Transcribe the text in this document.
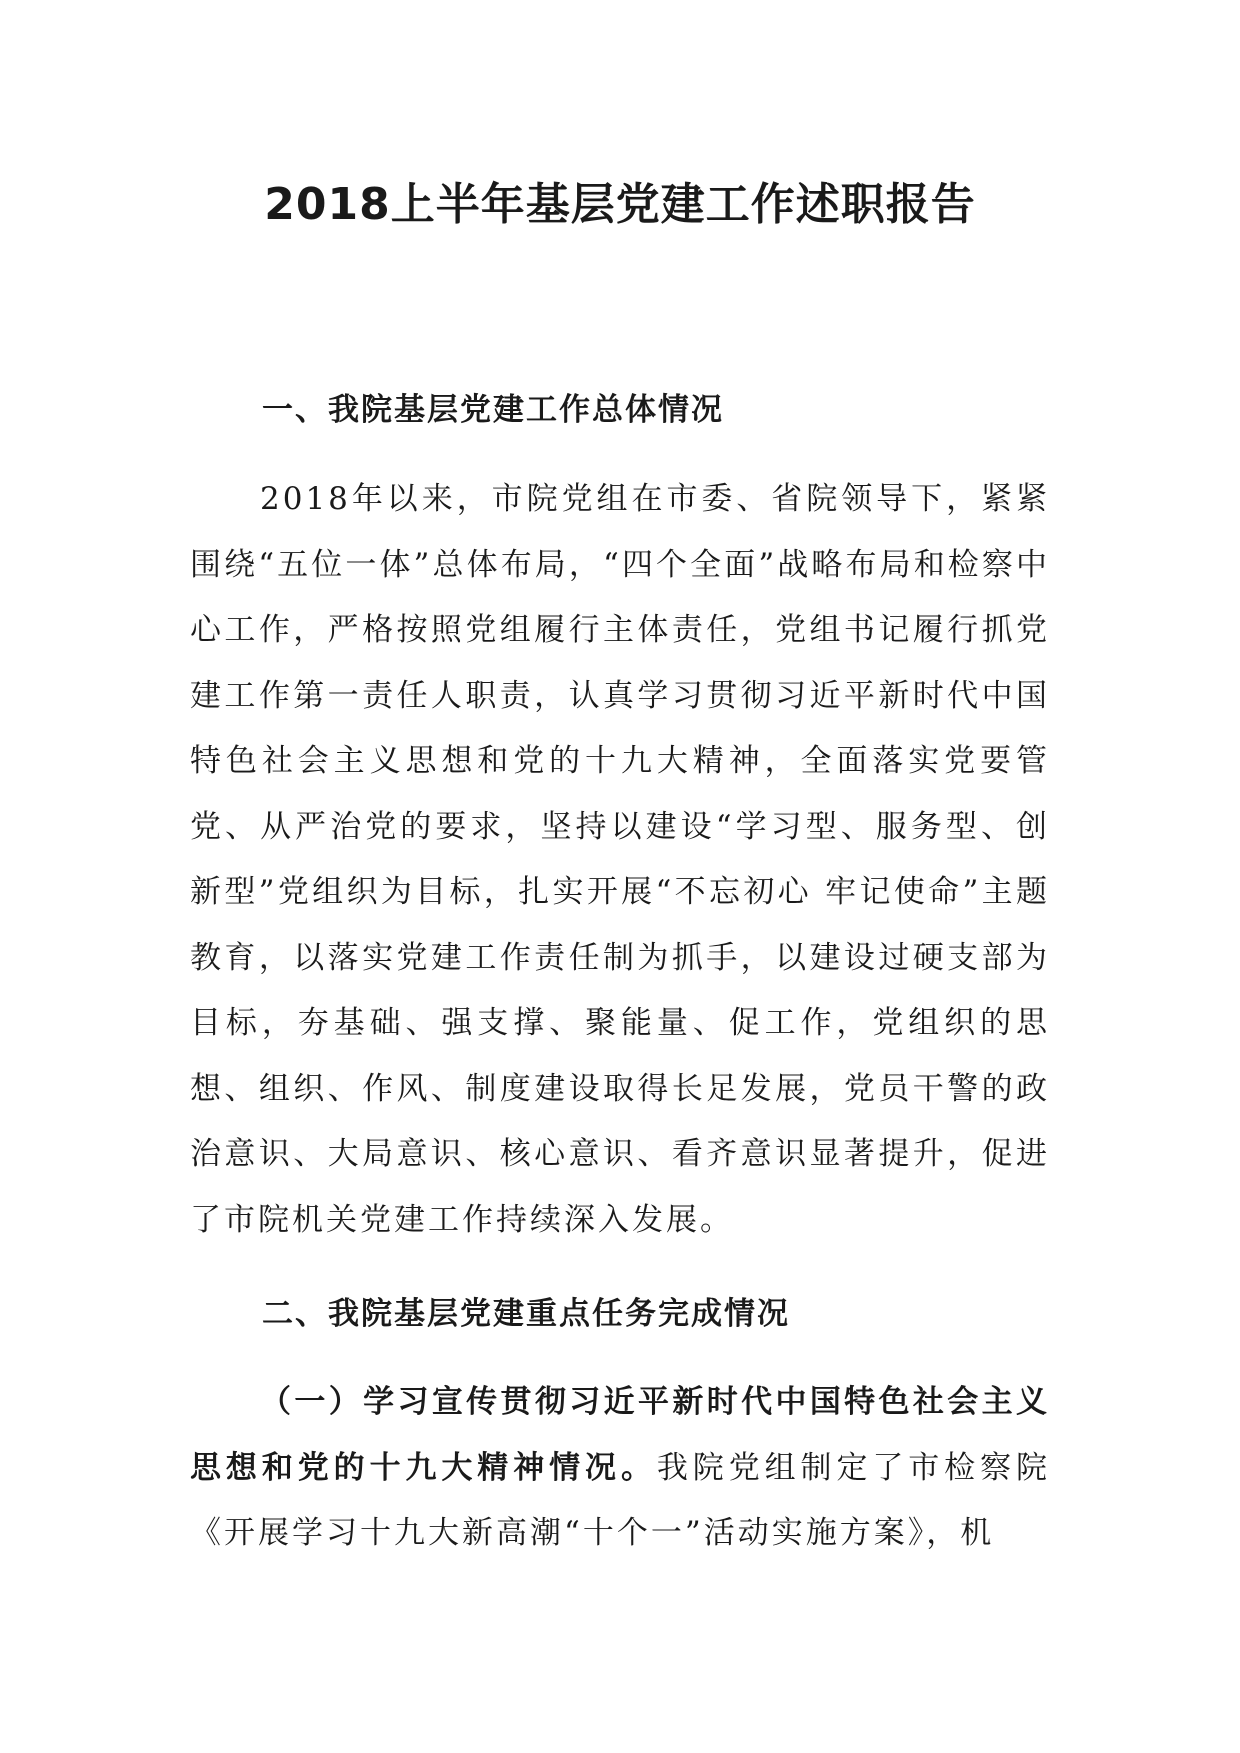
2018上半年基层党建工作述职报告
一、我院基层党建工作总体情况

2018年以来，市院党组在市委、省院领导下，紧紧围绕“五位一体”总体布局，“四个全面”战略布局和检察中心工作，严格按照党组履行主体责任，党组书记履行抓党建工作第一责任人职责，认真学习贯彻习近平新时代中国特色社会主义思想和党的十九大精神，全面落实党要管党、从严治党的要求，坚持以建设“学习型、服务型、创新型”党组织为目标，扎实开展“不忘初心 牢记使命”主题教育，以落实党建工作责任制为抓手，以建设过硬支部为目标，夯基础、强支撑、聚能量、促工作，党组织的思想、组织、作风、制度建设取得长足发展，党员干警的政治意识、大局意识、核心意识、看齐意识显著提升，促进了市院机关党建工作持续深入发展。

二、我院基层党建重点任务完成情况

（一）学习宣传贯彻习近平新时代中国特色社会主义思想和党的十九大精神情况。我院党组制定了市检察院《开展学习十九大新高潮“十个一”活动实施方案》，机
